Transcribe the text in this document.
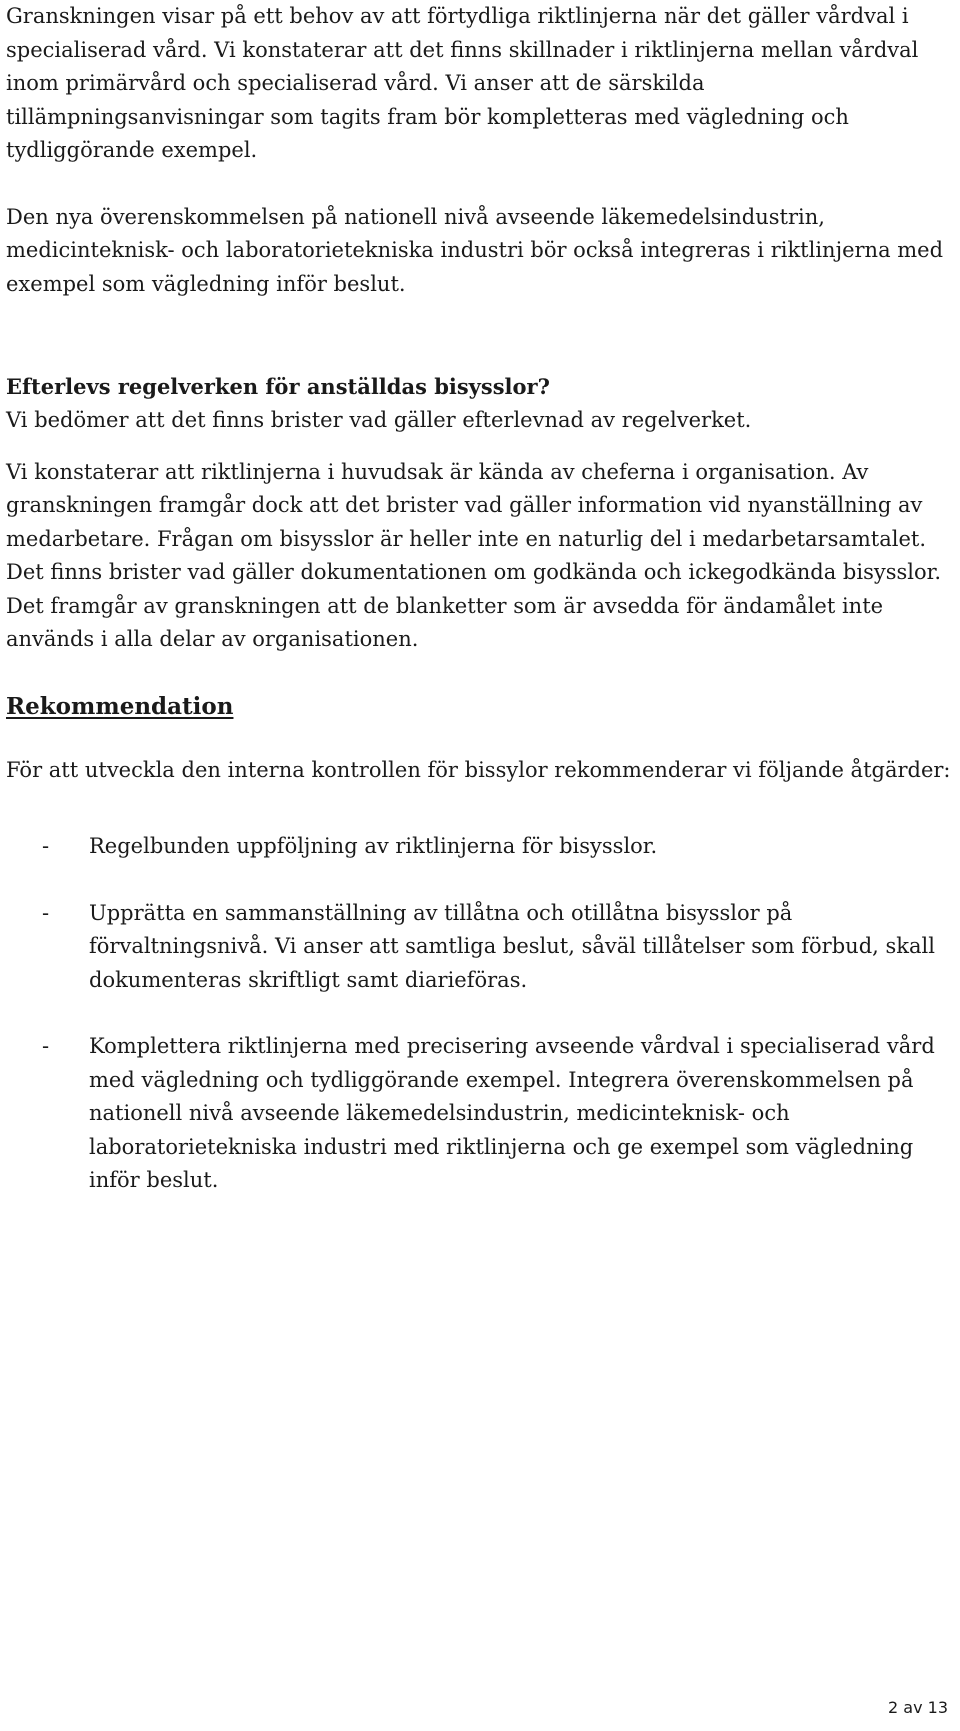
Granskningen visar på ett behov av att förtydliga riktlinjerna när det gäller vårdval i specialiserad vård. Vi konstaterar att det finns skillnader i riktlinjerna mellan vårdval inom primärvård och specialiserad vård. Vi anser att de särskilda tillämpningsanvisningar som tagits fram bör kompletteras med vägledning och tydliggörande exempel.

Den nya överenskommelsen på nationell nivå avseende läkemedelsindustrin, medicinteknisk- och laboratorietekniska industri bör också integreras i riktlinjerna med exempel som vägledning inför beslut.

Efterlevs regelverken för anställdas bisysslor?

Vi bedömer att det finns brister vad gäller efterlevnad av regelverket.

Vi konstaterar att riktlinjerna i huvudsak är kända av cheferna i organisation. Av granskningen framgår dock att det brister vad gäller information vid nyanställning av medarbetare. Frågan om bisysslor är heller inte en naturlig del i medarbetarsamtalet. Det finns brister vad gäller dokumentationen om godkända och ickegodkända bisysslor. Det framgår av granskningen att de blanketter som är avsedda för ändamålet inte används i alla delar av organisationen.

Rekommendation

För att utveckla den interna kontrollen för bissylor rekommenderar vi följande åtgärder:

- Regelbunden uppföljning av riktlinjerna för bisysslor.
- Upprätta en sammanställning av tillåtna och otillåtna bisysslor på förvaltningsnivå. Vi anser att samtliga beslut, såväl tillåtelser som förbud, skall dokumenteras skriftligt samt diarieföras.
- Komplettera riktlinjerna med precisering avseende vårdval i specialiserad vård med vägledning och tydliggörande exempel. Integrera överenskommelsen på nationell nivå avseende läkemedelsindustrin, medicinteknisk- och laboratorietekniska industri med riktlinjerna och ge exempel som vägledning inför beslut.
2 av 13
